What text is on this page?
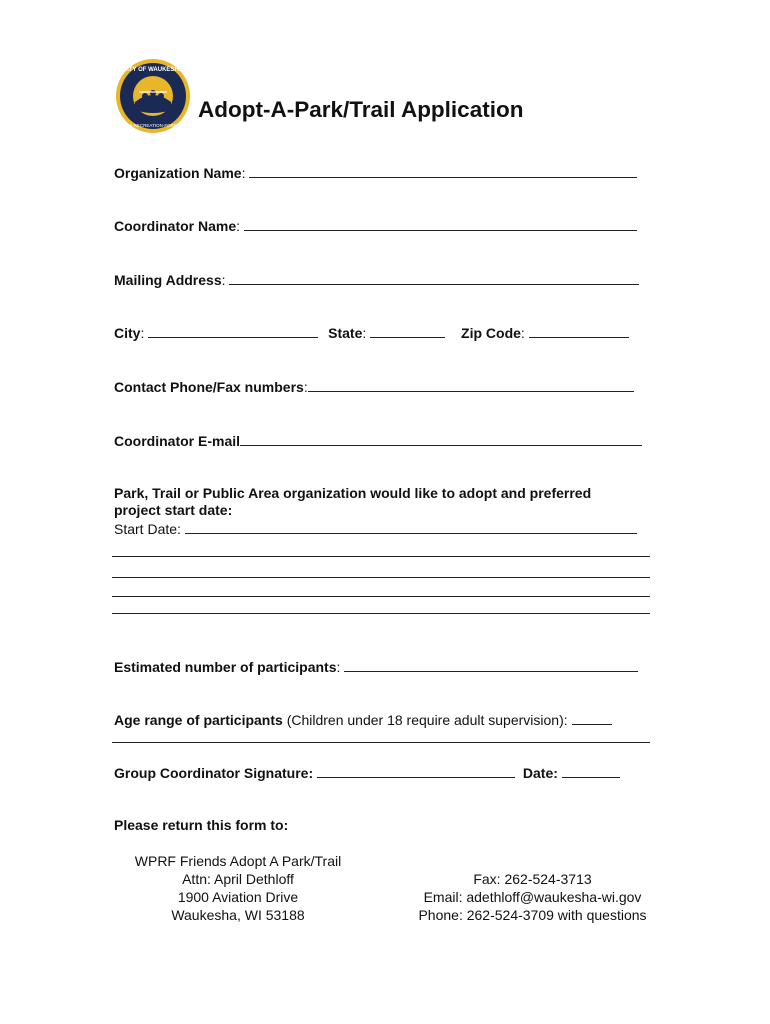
CITY OF WAUKESHA
PARKS·RECREATION·FORESTRY
Adopt-A-Park/Trail Application
Organization Name:
Coordinator Name:
Mailing Address:
City:	State:	Zip Code:
Contact Phone/Fax numbers:
Coordinator E-mail
Park, Trail or Public Area organization would like to adopt and preferred
project start date:
Start Date:
Estimated number of participants:
Age range of participants (Children under 18 require adult supervision):
Group Coordinator Signature:	Date:
Please return this form to:
WPRF Friends Adopt A Park/Trail
Attn: April Dethloff
1900 Aviation Drive
Waukesha, WI 53188
Fax: 262-524-3713
Email: adethloff@waukesha-wi.gov
Phone: 262-524-3709 with questions
